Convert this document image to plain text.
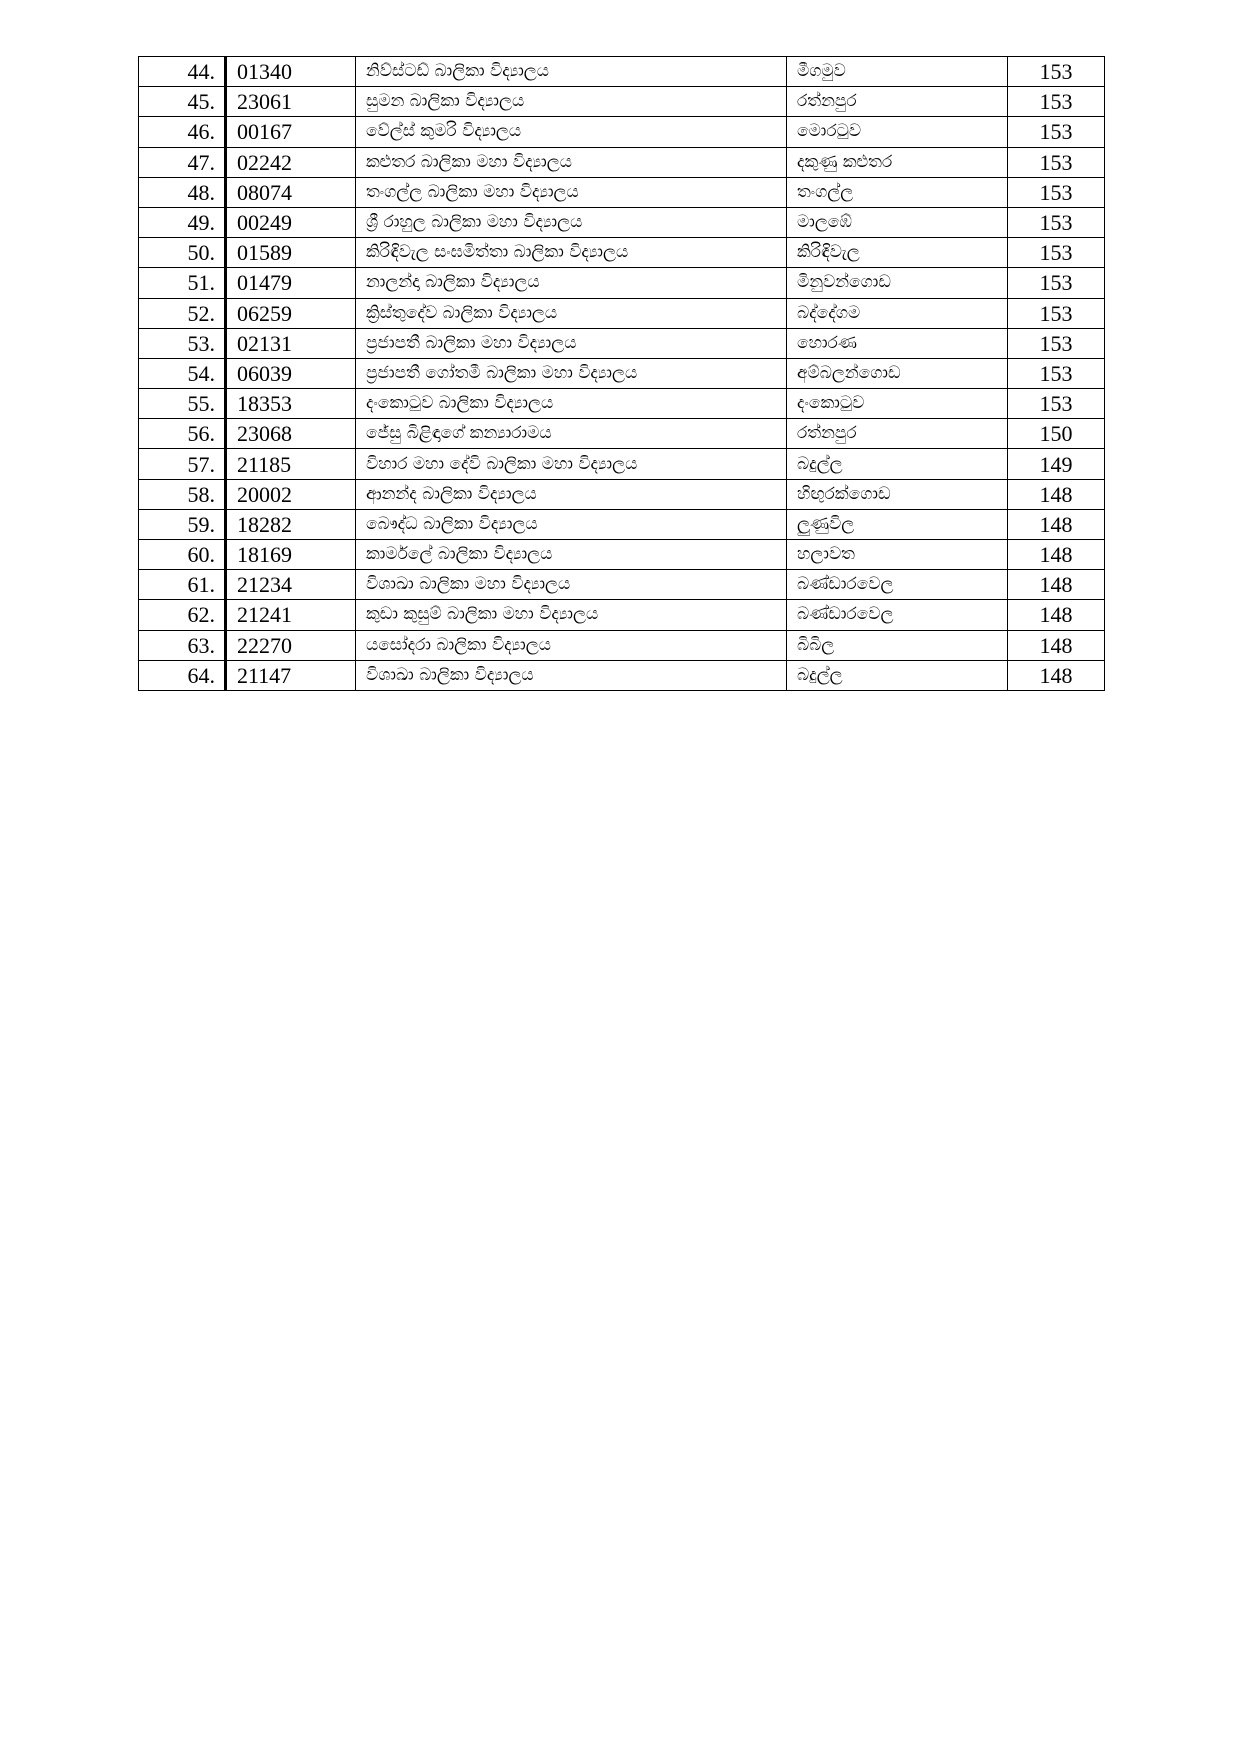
44.	01340	නිව්ස්ටඩ් බාලිකා විද්‍යාලය	මීගමුව	153
45.	23061	සුමන බාලිකා විද්‍යාලය	රත්නපුර	153
46.	00167	වේල්ස් කුමරි විද්‍යාලය	මොරටුව	153
47.	02242	කළුතර බාලිකා මහා විද්‍යාලය	දකුණු කළුතර	153
48.	08074	තංගල්ල බාලිකා මහා විද්‍යාලය	තංගල්ල	153
49.	00249	ශ්‍රී රාහුල බාලිකා මහා විද්‍යාලය	මාලඹේ	153
50.	01589	කිරිඳිවැල සංඝමිත්තා බාලිකා විද්‍යාලය	කිරිඳිවැල	153
51.	01479	නාලන්දා බාලිකා විද්‍යාලය	මිනුවන්ගොඩ	153
52.	06259	ක්‍රිස්තුදේව බාලිකා විද්‍යාලය	බද්දේගම	153
53.	02131	ප්‍රජාපතී බාලිකා මහා විද්‍යාලය	හොරණ	153
54.	06039	ප්‍රජාපතී ගෝතමී බාලිකා මහා විද්‍යාලය	අම්බලන්ගොඩ	153
55.	18353	දංකොටුව බාලිකා විද්‍යාලය	දංකොටුව	153
56.	23068	ජේසු බිළිඳාගේ කන්‍යාරාමය	රත්නපුර	150
57.	21185	විහාර මහා දේවි බාලිකා මහා විද්‍යාලය	බදුල්ල	149
58.	20002	ආනන්ද බාලිකා විද්‍යාලය	හිඟුරක්ගොඩ	148
59.	18282	බෞද්ධ බාලිකා විද්‍යාලය	ලුණුවිල	148
60.	18169	කාර්මලේ බාලිකා විද්‍යාලය	හලාවත	148
61.	21234	විශාඛා බාලිකා මහා විද්‍යාලය	බණ්ඩාරවෙල	148
62.	21241	කුඩා කුසුම් බාලිකා මහා විද්‍යාලය	බණ්ඩාරවෙල	148
63.	22270	යසෝදරා බාලිකා විද්‍යාලය	බිබිල	148
64.	21147	විශාඛා බාලිකා විද්‍යාලය	බදුල්ල	148
